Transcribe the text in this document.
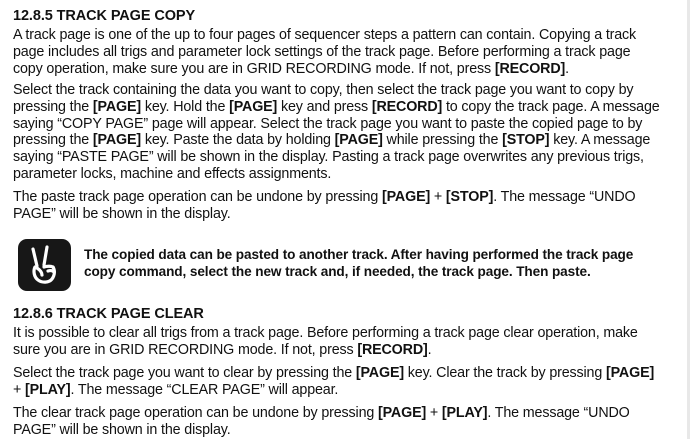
12.8.5 TRACK PAGE COPY

A track page is one of the up to four pages of sequencer steps a pattern can contain. Copying a track
page includes all trigs and parameter lock settings of the track page. Before performing a track page
copy operation, make sure you are in GRID RECORDING mode. If not, press [RECORD].

Select the track containing the data you want to copy, then select the track page you want to copy by
pressing the [PAGE] key. Hold the [PAGE] key and press [RECORD] to copy the track page. A message
saying “COPY PAGE” page will appear. Select the track page you want to paste the copied page to by
pressing the [PAGE] key. Paste the data by holding [PAGE] while pressing the [STOP] key. A message
saying “PASTE PAGE” will be shown in the display. Pasting a track page overwrites any previous trigs,
parameter locks, machine and effects assignments.

The paste track page operation can be undone by pressing [PAGE] + [STOP]. The message “UNDO
PAGE” will be shown in the display.

The copied data can be pasted to another track. After having performed the track page
copy command, select the new track and, if needed, the track page. Then paste.

12.8.6 TRACK PAGE CLEAR

It is possible to clear all trigs from a track page. Before performing a track page clear operation, make
sure you are in GRID RECORDING mode. If not, press [RECORD].

Select the track page you want to clear by pressing the [PAGE] key. Clear the track by pressing [PAGE]
+ [PLAY]. The message “CLEAR PAGE” will appear.

The clear track page operation can be undone by pressing [PAGE] + [PLAY]. The message “UNDO
PAGE” will be shown in the display.
